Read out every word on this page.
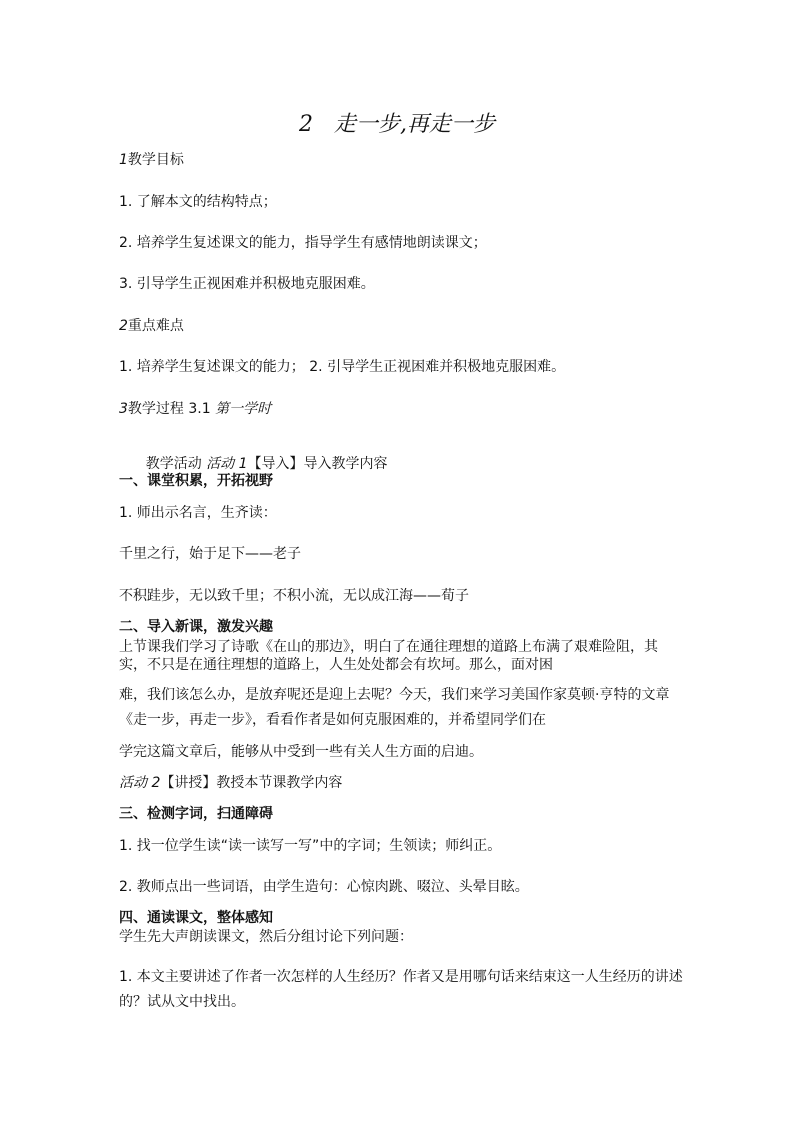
2   走一步,再走一步
1教学目标
1. 了解本文的结构特点；
2. 培养学生复述课文的能力，指导学生有感情地朗读课文；
3. 引导学生正视困难并积极地克服困难。
2重点难点
1. 培养学生复述课文的能力； 2. 引导学生正视困难并积极地克服困难。
3教学过程 3.1 第一学时

教学活动 活动 1【导入】导入教学内容

一、课堂积累，开拓视野
1. 师出示名言，生齐读：
千里之行，始于足下——老子
不积跬步，无以致千里；不积小流，无以成江海——荀子
二、导入新课，激发兴趣
上节课我们学习了诗歌《在山的那边》，明白了在通往理想的道路上布满了艰难险阻，其实，不只是在通往理想的道路上，人生处处都会有坎坷。那么，面对困
难，我们该怎么办，是放弃呢还是迎上去呢？今天，我们来学习美国作家莫顿·亨特的文章《走一步，再走一步》，看看作者是如何克服困难的，并希望同学们在
学完这篇文章后，能够从中受到一些有关人生方面的启迪。
活动 2【讲授】教授本节课教学内容
三、检测字词，扫通障碍
1. 找一位学生读“读一读写一写”中的字词；生领读；师纠正。
2. 教师点出一些词语，由学生造句：心惊肉跳、啜泣、头晕目眩。
四、通读课文，整体感知
学生先大声朗读课文，然后分组讨论下列问题：
1. 本文主要讲述了作者一次怎样的人生经历？作者又是用哪句话来结束这一人生经历的讲述的？试从文中找出。
